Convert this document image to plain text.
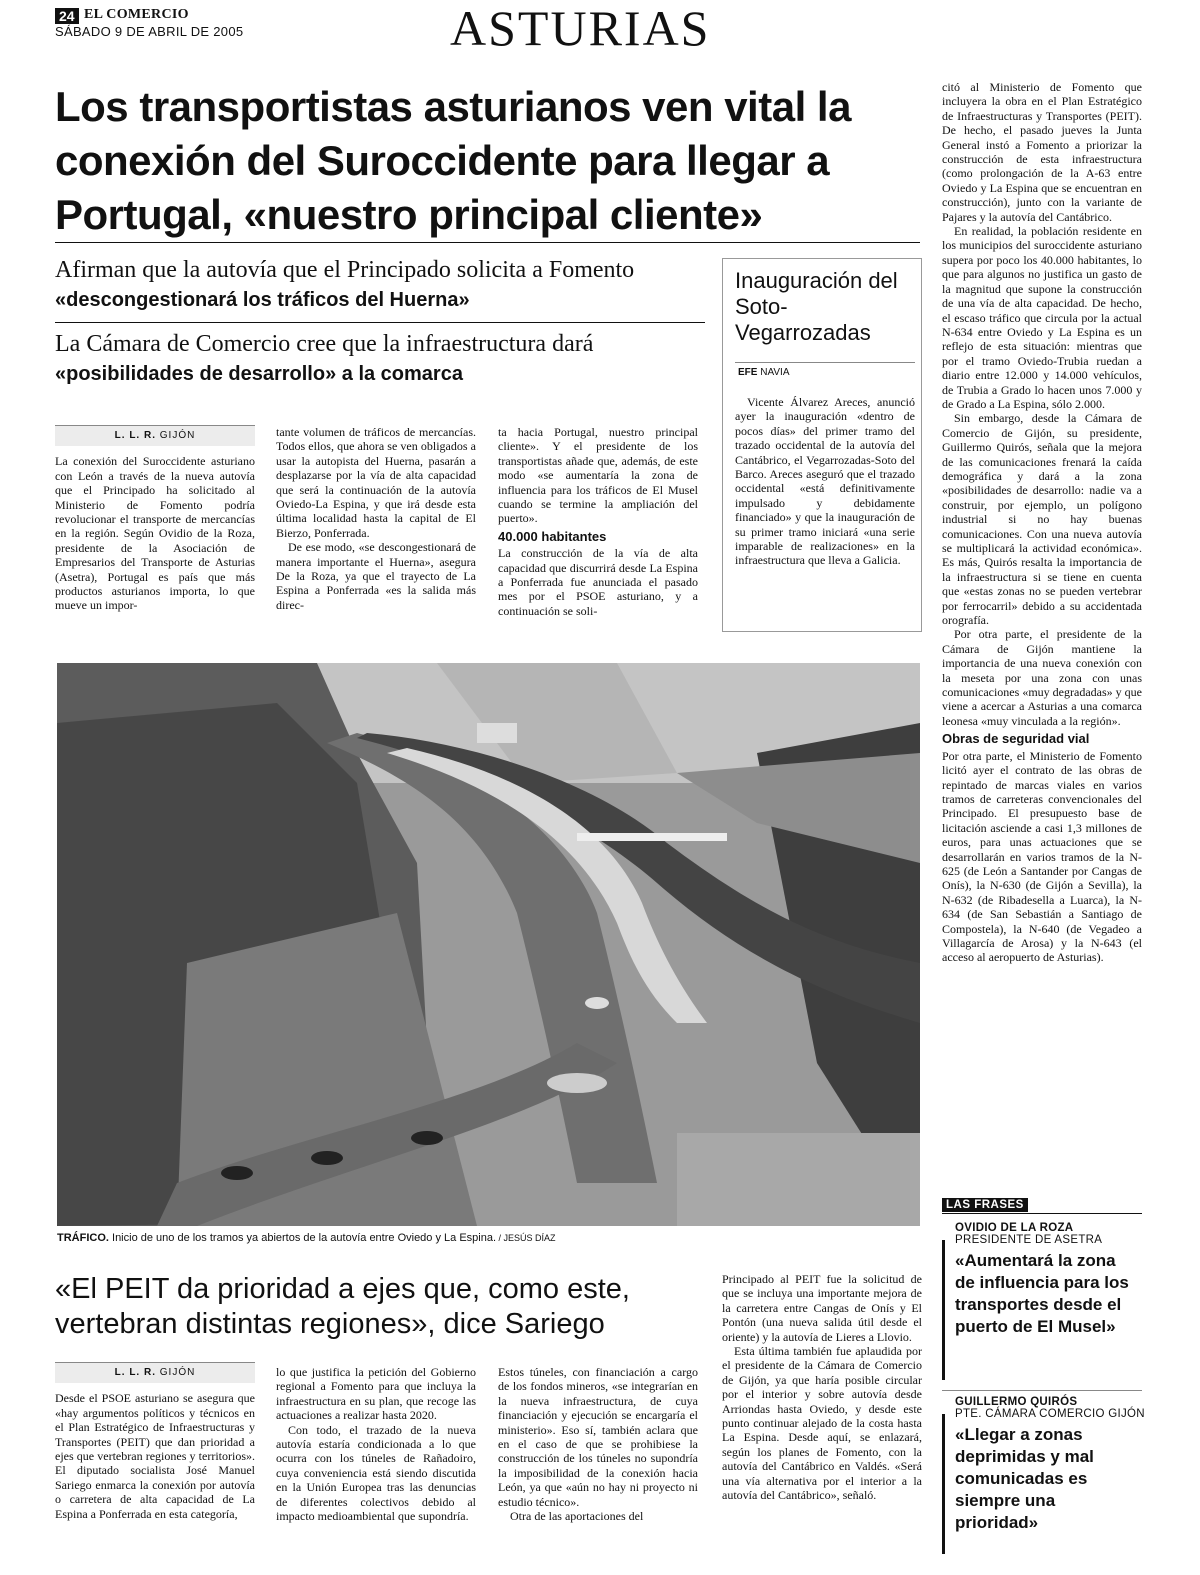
24 EL COMERCIO
SÁBADO 9 DE ABRIL DE 2005	ASTURIAS
Los transportistas asturianos ven vital la conexión del Suroccidente para llegar a Portugal, «nuestro principal cliente»
Afirman que la autovía que el Principado solicita a Fomento «descongestionará los tráficos del Huerna»
La Cámara de Comercio cree que la infraestructura dará «posibilidades de desarrollo» a la comarca
L. L. R. GIJÓN

La conexión del Suroccidente asturiano con León a través de la nueva autovía que el Principado ha solicitado al Ministerio de Fomento podría revolucionar el transporte de mercancías en la región. Según Ovidio de la Roza, presidente de la Asociación de Empresarios del Transporte de Asturias (Asetra), Portugal es país que más productos asturianos importa, lo que mueve un impor-

tante volumen de tráficos de mercancías. Todos ellos, que ahora se ven obligados a usar la autopista del Huerna, pasarán a desplazarse por la vía de alta capacidad que será la continuación de la autovía Oviedo-La Espina, y que irá desde esta última localidad hasta la capital de El Bierzo, Ponferrada.

De ese modo, «se descongestionará de manera importante el Huerna», asegura De la Roza, ya que el trayecto de La Espina a Ponferrada «es la salida más direc-

ta hacia Portugal, nuestro principal cliente». Y el presidente de los transportistas añade que, además, de este modo «se aumentaría la zona de influencia para los tráficos de El Musel cuando se termine la ampliación del puerto».

40.000 habitantes

La construcción de la vía de alta capacidad que discurrirá desde La Espina a Ponferrada fue anunciada el pasado mes por el PSOE asturiano, y a continuación se soli-

Inauguración del Soto-Vegarrozadas
EFE NAVIA

Vicente Álvarez Areces, anunció ayer la inauguración «dentro de pocos días» del primer tramo del trazado occidental de la autovía del Cantábrico, el Vegarrozadas-Soto del Barco. Areces aseguró que el trazado occidental «está definitivamente impulsado y debidamente financiado» y que la inauguración de su primer tramo iniciará «una serie imparable de realizaciones» en la infraestructura que lleva a Galicia.

citó al Ministerio de Fomento que incluyera la obra en el Plan Estratégico de Infraestructuras y Transportes (PEIT). De hecho, el pasado jueves la Junta General instó a Fomento a priorizar la construcción de esta infraestructura (como prolongación de la A-63 entre Oviedo y La Espina que se encuentran en construcción), junto con la variante de Pajares y la autovía del Cantábrico.

En realidad, la población residente en los municipios del suroccidente asturiano supera por poco los 40.000 habitantes, lo que para algunos no justifica un gasto de la magnitud que supone la construcción de una vía de alta capacidad. De hecho, el escaso tráfico que circula por la actual N-634 entre Oviedo y La Espina es un reflejo de esta situación: mientras que por el tramo Oviedo-Trubia ruedan a diario entre 12.000 y 14.000 vehículos, de Trubia a Grado lo hacen unos 7.000 y de Grado a La Espina, sólo 2.000.

Sin embargo, desde la Cámara de Comercio de Gijón, su presidente, Guillermo Quirós, señala que la mejora de las comunicaciones frenará la caída demográfica y dará a la zona «posibilidades de desarrollo: nadie va a construir, por ejemplo, un polígono industrial si no hay buenas comunicaciones. Con una nueva autovía se multiplicará la actividad económica». Es más, Quirós resalta la importancia de la infraestructura si se tiene en cuenta que «estas zonas no se pueden vertebrar por ferrocarril» debido a su accidentada orografía.

Por otra parte, el presidente de la Cámara de Gijón mantiene la importancia de una nueva conexión con la meseta por una zona con unas comunicaciones «muy degradadas» y que viene a acercar a Asturias a una comarca leonesa «muy vinculada a la región».

Obras de seguridad vial

Por otra parte, el Ministerio de Fomento licitó ayer el contrato de las obras de repintado de marcas viales en varios tramos de carreteras convencionales del Principado. El presupuesto base de licitación asciende a casi 1,3 millones de euros, para unas actuaciones que se desarrollarán en varios tramos de la N-625 (de León a Santander por Cangas de Onís), la N-630 (de Gijón a Sevilla), la N-632 (de Ribadesella a Luarca), la N-634 (de San Sebastián a Santiago de Compostela), la N-640 (de Vegadeo a Villagarcía de Arosa) y la N-643 (el acceso al aeropuerto de Asturias).

TRÁFICO. Inicio de uno de los tramos ya abiertos de la autovía entre Oviedo y La Espina. / JESÚS DÍAZ
«El PEIT da prioridad a ejes que, como este, vertebran distintas regiones», dice Sariego
L. L. R. GIJÓN

Desde el PSOE asturiano se asegura que «hay argumentos políticos y técnicos en el Plan Estratégico de Infraestructuras y Transportes (PEIT) que dan prioridad a ejes que vertebran regiones y territorios». El diputado socialista José Manuel Sariego enmarca la conexión por autovía o carretera de alta capacidad de La Espina a Ponferrada en esta categoría,

lo que justifica la petición del Gobierno regional a Fomento para que incluya la infraestructura en su plan, que recoge las actuaciones a realizar hasta 2020.

Con todo, el trazado de la nueva autovía estaría condicionada a lo que ocurra con los túneles de Rañadoiro, cuya conveniencia está siendo discutida en la Unión Europea tras las denuncias de diferentes colectivos debido al impacto medioambiental que supondría.

Estos túneles, con financiación a cargo de los fondos mineros, «se integrarían en la nueva infraestructura, de cuya financiación y ejecución se encargaría el ministerio». Eso sí, también aclara que en el caso de que se prohibiese la construcción de los túneles no supondría la imposibilidad de la conexión hacia León, ya que «aún no hay ni proyecto ni estudio técnico».

Otra de las aportaciones del

Principado al PEIT fue la solicitud de que se incluya una importante mejora de la carretera entre Cangas de Onís y El Pontón (una nueva salida útil desde el oriente) y la autovía de Lieres a Llovio.

Esta última también fue aplaudida por el presidente de la Cámara de Comercio de Gijón, ya que haría posible circular por el interior y sobre autovía desde Arriondas hasta Oviedo, y desde este punto continuar alejado de la costa hasta La Espina. Desde aquí, se enlazará, según los planes de Fomento, con la autovía del Cantábrico en Valdés. «Será una vía alternativa por el interior a la autovía del Cantábrico», señaló.

LAS FRASES
OVIDIO DE LA ROZA
PRESIDENTE DE ASETRA
«Aumentará la zona de influencia para los transportes desde el puerto de El Musel»
GUILLERMO QUIRÓS
PTE. CÁMARA COMERCIO GIJÓN
«Llegar a zonas deprimidas y mal comunicadas es siempre una prioridad»
